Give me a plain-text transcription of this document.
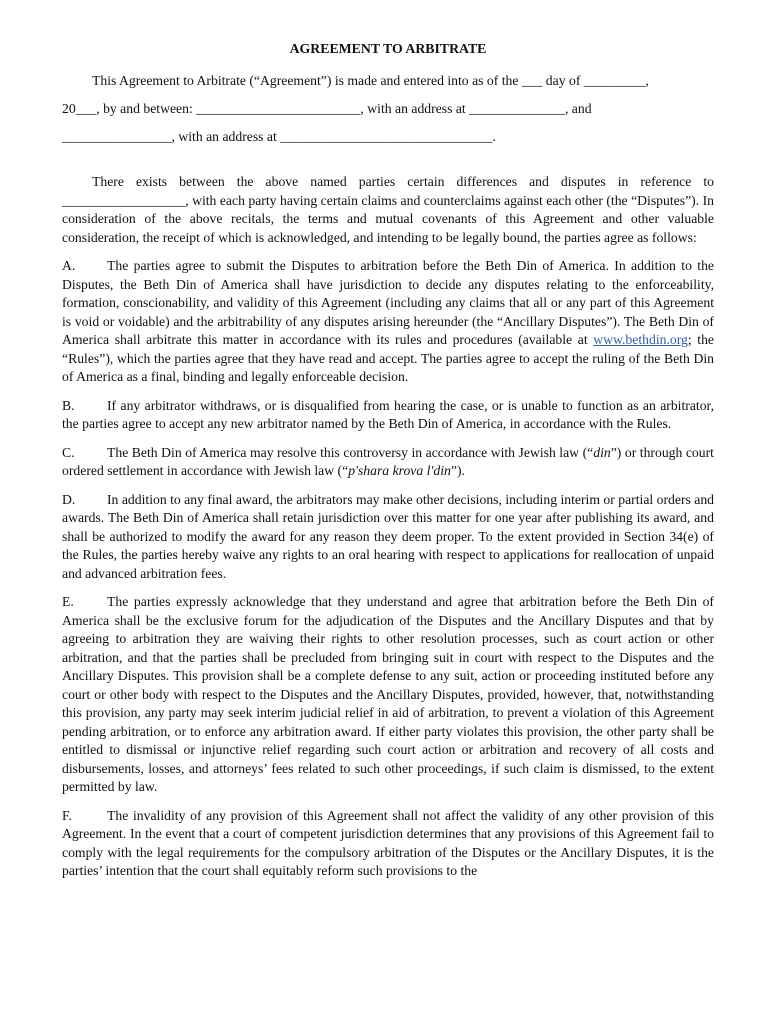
AGREEMENT TO ARBITRATE
This Agreement to Arbitrate (“Agreement”) is made and entered into as of the ___ day of _________,
20___, by and between: ________________________, with an address at ______________, and
________________, with an address at _______________________________.

There exists between the above named parties certain differences and disputes in reference to __________________, with each party having certain claims and counterclaims against each other (the “Disputes”). In consideration of the above recitals, the terms and mutual covenants of this Agreement and other valuable consideration, the receipt of which is acknowledged, and intending to be legally bound, the parties agree as follows:

A. The parties agree to submit the Disputes to arbitration before the Beth Din of America. In addition to the Disputes, the Beth Din of America shall have jurisdiction to decide any disputes relating to the enforceability, formation, conscionability, and validity of this Agreement (including any claims that all or any part of this Agreement is void or voidable) and the arbitrability of any disputes arising hereunder (the “Ancillary Disputes”). The Beth Din of America shall arbitrate this matter in accordance with its rules and procedures (available at www.bethdin.org; the “Rules”), which the parties agree that they have read and accept. The parties agree to accept the ruling of the Beth Din of America as a final, binding and legally enforceable decision.

B. If any arbitrator withdraws, or is disqualified from hearing the case, or is unable to function as an arbitrator, the parties agree to accept any new arbitrator named by the Beth Din of America, in accordance with the Rules.

C. The Beth Din of America may resolve this controversy in accordance with Jewish law (“din”) or through court ordered settlement in accordance with Jewish law (“p'shara krova l'din”).

D. In addition to any final award, the arbitrators may make other decisions, including interim or partial orders and awards. The Beth Din of America shall retain jurisdiction over this matter for one year after publishing its award, and shall be authorized to modify the award for any reason they deem proper. To the extent provided in Section 34(e) of the Rules, the parties hereby waive any rights to an oral hearing with respect to applications for reallocation of unpaid and advanced arbitration fees.

E. The parties expressly acknowledge that they understand and agree that arbitration before the Beth Din of America shall be the exclusive forum for the adjudication of the Disputes and the Ancillary Disputes and that by agreeing to arbitration they are waiving their rights to other resolution processes, such as court action or other arbitration, and that the parties shall be precluded from bringing suit in court with respect to the Disputes and the Ancillary Disputes. This provision shall be a complete defense to any suit, action or proceeding instituted before any court or other body with respect to the Disputes and the Ancillary Disputes, provided, however, that, notwithstanding this provision, any party may seek interim judicial relief in aid of arbitration, to prevent a violation of this Agreement pending arbitration, or to enforce any arbitration award. If either party violates this provision, the other party shall be entitled to dismissal or injunctive relief regarding such court action or arbitration and recovery of all costs and disbursements, losses, and attorneys’ fees related to such other proceedings, if such claim is dismissed, to the extent permitted by law.

F.	The invalidity of any provision of this Agreement shall not affect the validity of any other provision of this Agreement. In the event that a court of competent jurisdiction determines that any provisions of this Agreement fail to comply with the legal requirements for the compulsory arbitration of the Disputes or the Ancillary Disputes, it is the parties’ intention that the court shall equitably reform such provisions to the
